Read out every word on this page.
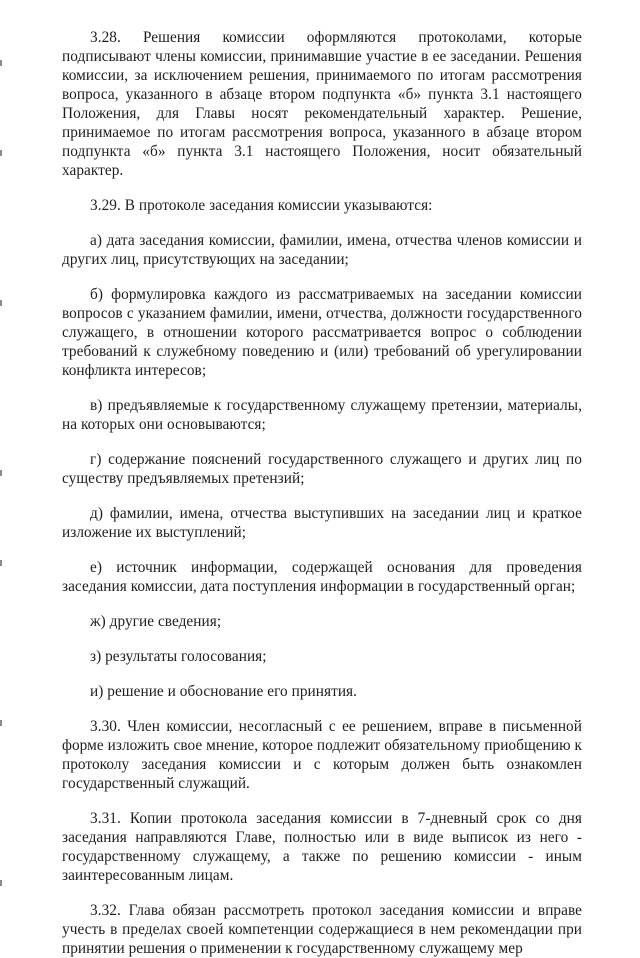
3.28. Решения комиссии оформляются протоколами, которые подписывают члены комиссии, принимавшие участие в ее заседании. Решения комиссии, за исключением решения, принимаемого по итогам рассмотрения вопроса, указанного в абзаце втором подпункта «б» пункта 3.1 настоящего Положения, для Главы носят рекомендательный характер. Решение, принимаемое по итогам рассмотрения вопроса, указанного в абзаце втором подпункта «б» пункта 3.1 настоящего Положения, носит обязательный характер.

3.29. В протоколе заседания комиссии указываются:

а) дата заседания комиссии, фамилии, имена, отчества членов комиссии и других лиц, присутствующих на заседании;

б) формулировка каждого из рассматриваемых на заседании комиссии вопросов с указанием фамилии, имени, отчества, должности государственного служащего, в отношении которого рассматривается вопрос о соблюдении требований к служебному поведению и (или) требований об урегулировании конфликта интересов;

в) предъявляемые к государственному служащему претензии, материалы, на которых они основываются;

г) содержание пояснений государственного служащего и других лиц по существу предъявляемых претензий;

д) фамилии, имена, отчества выступивших на заседании лиц и краткое изложение их выступлений;

е) источник информации, содержащей основания для проведения заседания комиссии, дата поступления информации в государственный орган;

ж) другие сведения;

з) результаты голосования;

и) решение и обоснование его принятия.

3.30. Член комиссии, несогласный с ее решением, вправе в письменной форме изложить свое мнение, которое подлежит обязательному приобщению к протоколу заседания комиссии и с которым должен быть ознакомлен государственный служащий.

3.31. Копии протокола заседания комиссии в 7-дневный срок со дня заседания направляются Главе, полностью или в виде выписок из него - государственному служащему, а также по решению комиссии - иным заинтересованным лицам.

3.32. Глава обязан рассмотреть протокол заседания комиссии и вправе учесть в пределах своей компетенции содержащиеся в нем рекомендации при принятии решения о применении к государственному служащему мер
